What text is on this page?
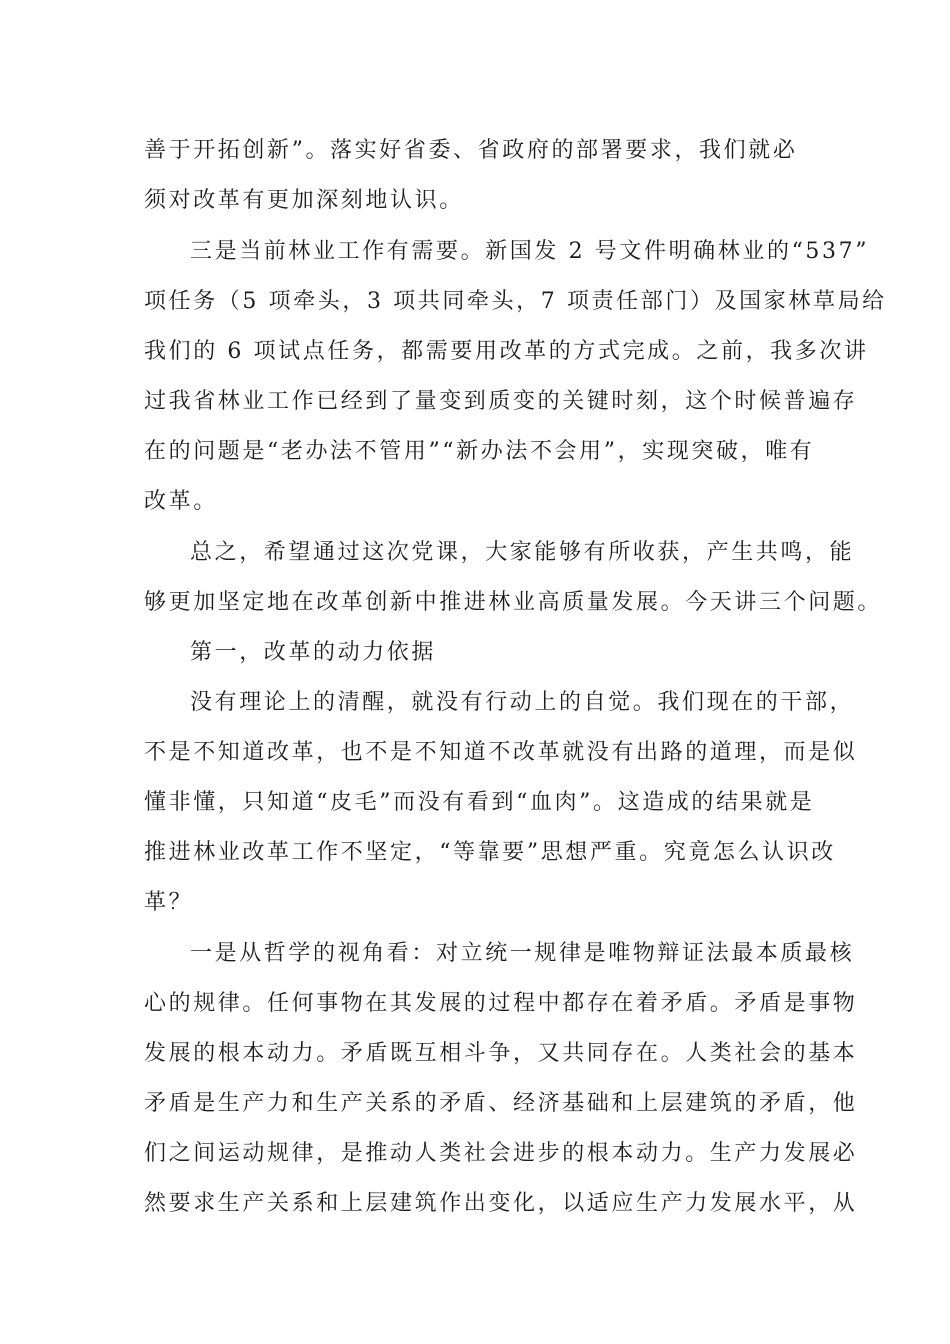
善于开拓创新”。落实好省委、省政府的部署要求，我们就必
须对改革有更加深刻地认识。
三是当前林业工作有需要。新国发 2 号文件明确林业的“537”
项任务（5 项牵头，3 项共同牵头，7 项责任部门）及国家林草局给
我们的 6 项试点任务，都需要用改革的方式完成。之前，我多次讲
过我省林业工作已经到了量变到质变的关键时刻，这个时候普遍存
在的问题是“老办法不管用”“新办法不会用”，实现突破，唯有
改革。
总之，希望通过这次党课，大家能够有所收获，产生共鸣，能
够更加坚定地在改革创新中推进林业高质量发展。今天讲三个问题。
第一，改革的动力依据
没有理论上的清醒，就没有行动上的自觉。我们现在的干部，
不是不知道改革，也不是不知道不改革就没有出路的道理，而是似
懂非懂，只知道“皮毛”而没有看到“血肉”。这造成的结果就是
推进林业改革工作不坚定，“等靠要”思想严重。究竟怎么认识改
革？
一是从哲学的视角看：对立统一规律是唯物辩证法最本质最核
心的规律。任何事物在其发展的过程中都存在着矛盾。矛盾是事物
发展的根本动力。矛盾既互相斗争，又共同存在。人类社会的基本
矛盾是生产力和生产关系的矛盾、经济基础和上层建筑的矛盾，他
们之间运动规律，是推动人类社会进步的根本动力。生产力发展必
然要求生产关系和上层建筑作出变化，以适应生产力发展水平，从
